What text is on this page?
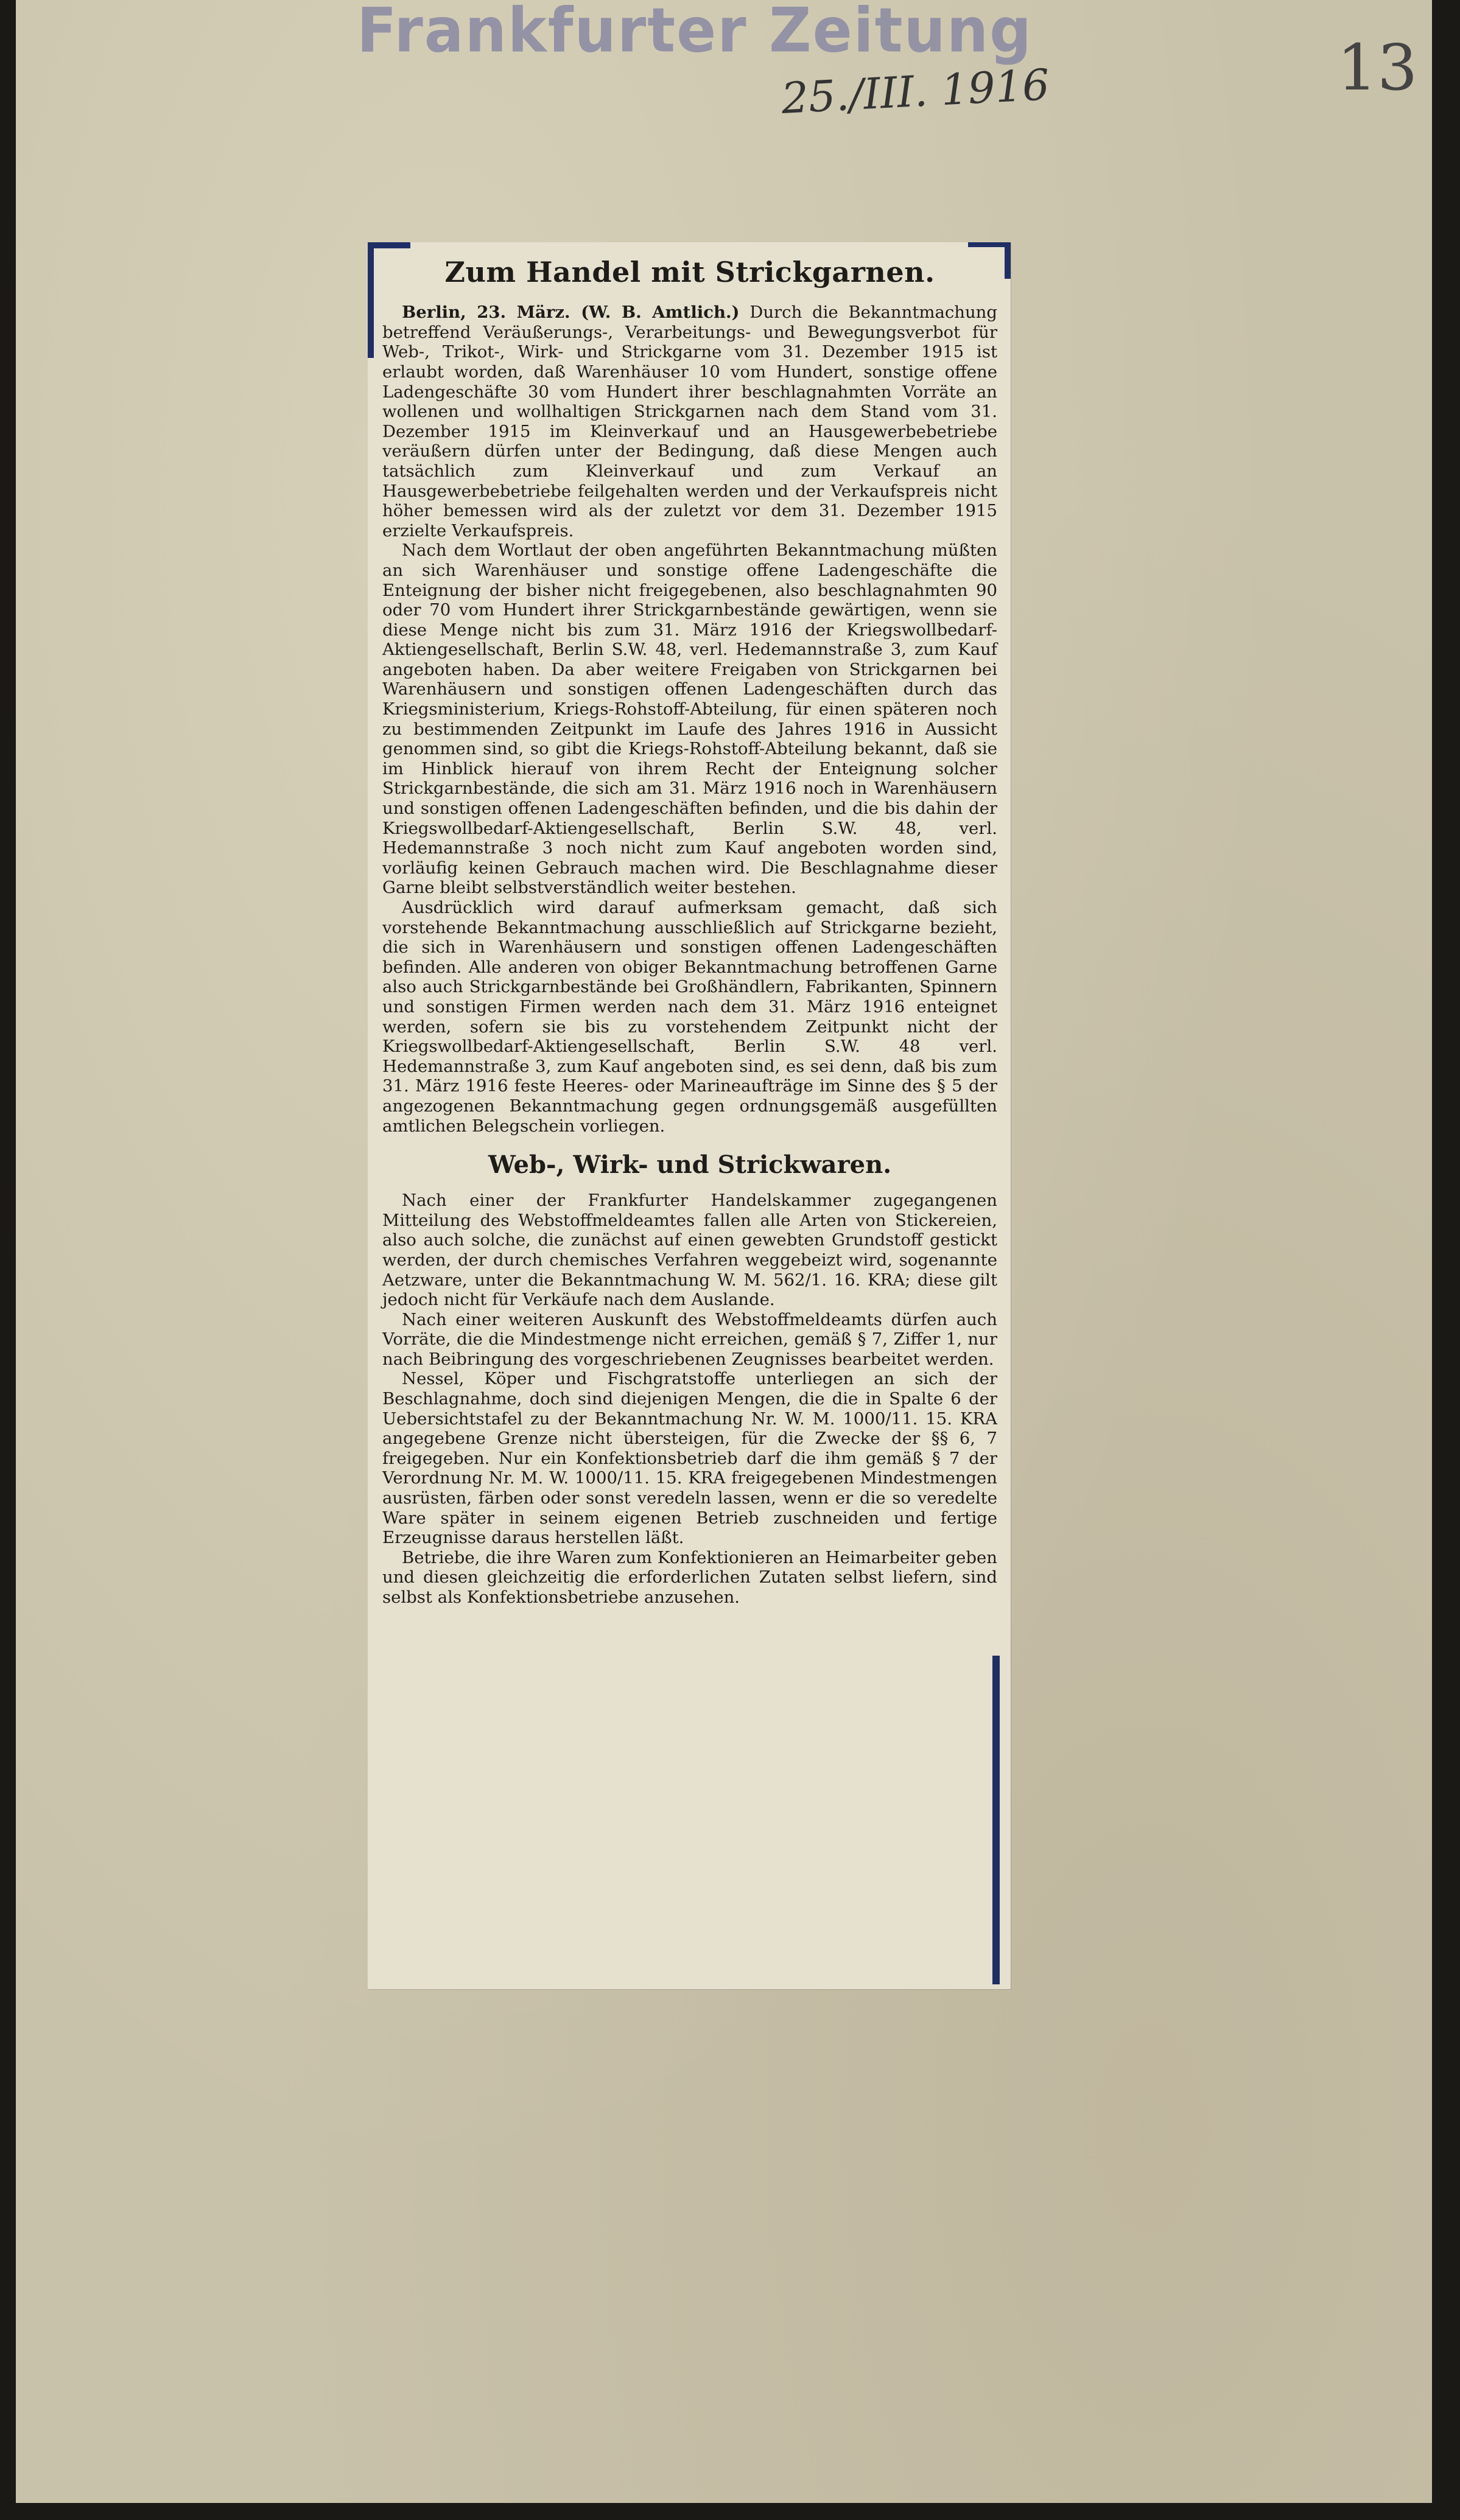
Frankfurter Zeitung
25./III. 1916	13
Zum Handel mit Strickgarnen.

Berlin, 23. März. (W. B. Amtlich.) Durch die Bekanntmachung betreffend Veräußerungs-, Verarbeitungs- und Bewegungsverbot für Web-, Trikot-, Wirk- und Strickgarne vom 31. Dezember 1915 ist erlaubt worden, daß Warenhäuser 10 vom Hundert, sonstige offene Ladengeschäfte 30 vom Hundert ihrer beschlagnahmten Vorräte an wollenen und wollhaltigen Strickgarnen nach dem Stand vom 31. Dezember 1915 im Kleinverkauf und an Hausgewerbebetriebe veräußern dürfen unter der Bedingung, daß diese Mengen auch tatsächlich zum Kleinverkauf und zum Verkauf an Hausgewerbebetriebe feilgehalten werden und der Verkaufspreis nicht höher bemessen wird als der zuletzt vor dem 31. Dezember 1915 erzielte Verkaufspreis.

Nach dem Wortlaut der oben angeführten Bekanntmachung müßten an sich Warenhäuser und sonstige offene Ladengeschäfte die Enteignung der bisher nicht freigegebenen, also beschlagnahmten 90 oder 70 vom Hundert ihrer Strickgarnbestände gewärtigen, wenn sie diese Menge nicht bis zum 31. März 1916 der Kriegswollbedarf-Aktiengesellschaft, Berlin S.W. 48, verl. Hedemannstraße 3, zum Kauf angeboten haben. Da aber weitere Freigaben von Strickgarnen bei Warenhäusern und sonstigen offenen Ladengeschäften durch das Kriegsministerium, Kriegs-Rohstoff-Abteilung, für einen späteren noch zu bestimmenden Zeitpunkt im Laufe des Jahres 1916 in Aussicht genommen sind, so gibt die Kriegs-Rohstoff-Abteilung bekannt, daß sie im Hinblick hierauf von ihrem Recht der Enteignung solcher Strickgarnbestände, die sich am 31. März 1916 noch in Warenhäusern und sonstigen offenen Ladengeschäften befinden, und die bis dahin der Kriegswollbedarf-Aktiengesellschaft, Berlin S.W. 48, verl. Hedemannstraße 3 noch nicht zum Kauf angeboten worden sind, vorläufig keinen Gebrauch machen wird. Die Beschlagnahme dieser Garne bleibt selbstverständlich weiter bestehen.

Ausdrücklich wird darauf aufmerksam gemacht, daß sich vorstehende Bekanntmachung ausschließlich auf Strickgarne bezieht, die sich in Warenhäusern und sonstigen offenen Ladengeschäften befinden. Alle anderen von obiger Bekanntmachung betroffenen Garne also auch Strickgarnbestände bei Großhändlern, Fabrikanten, Spinnern und sonstigen Firmen werden nach dem 31. März 1916 enteignet werden, sofern sie bis zu vorstehendem Zeitpunkt nicht der Kriegswollbedarf-Aktiengesellschaft, Berlin S.W. 48 verl. Hedemannstraße 3, zum Kauf angeboten sind, es sei denn, daß bis zum 31. März 1916 feste Heeres- oder Marineaufträge im Sinne des § 5 der angezogenen Bekanntmachung gegen ordnungsgemäß ausgefüllten amtlichen Belegschein vorliegen.

Web-, Wirk- und Strickwaren.

Nach einer der Frankfurter Handelskammer zugegangenen Mitteilung des Webstoffmeldeamtes fallen alle Arten von Stickereien, also auch solche, die zunächst auf einen gewebten Grundstoff gestickt werden, der durch chemisches Verfahren weggebeizt wird, sogenannte Aetzware, unter die Bekanntmachung W. M. 562/1. 16. KRA; diese gilt jedoch nicht für Verkäufe nach dem Auslande.

Nach einer weiteren Auskunft des Webstoffmeldeamts dürfen auch Vorräte, die die Mindestmenge nicht erreichen, gemäß § 7, Ziffer 1, nur nach Beibringung des vorgeschriebenen Zeugnisses bearbeitet werden.

Nessel, Köper und Fischgratstoffe unterliegen an sich der Beschlagnahme, doch sind diejenigen Mengen, die die in Spalte 6 der Uebersichtstafel zu der Bekanntmachung Nr. W. M. 1000/11. 15. KRA angegebene Grenze nicht übersteigen, für die Zwecke der §§ 6, 7 freigegeben. Nur ein Konfektionsbetrieb darf die ihm gemäß § 7 der Verordnung Nr. M. W. 1000/11. 15. KRA freigegebenen Mindestmengen ausrüsten, färben oder sonst veredeln lassen, wenn er die so veredelte Ware später in seinem eigenen Betrieb zuschneiden und fertige Erzeugnisse daraus herstellen läßt.

Betriebe, die ihre Waren zum Konfektionieren an Heimarbeiter geben und diesen gleichzeitig die erforderlichen Zutaten selbst liefern, sind selbst als Konfektionsbetriebe anzusehen.
